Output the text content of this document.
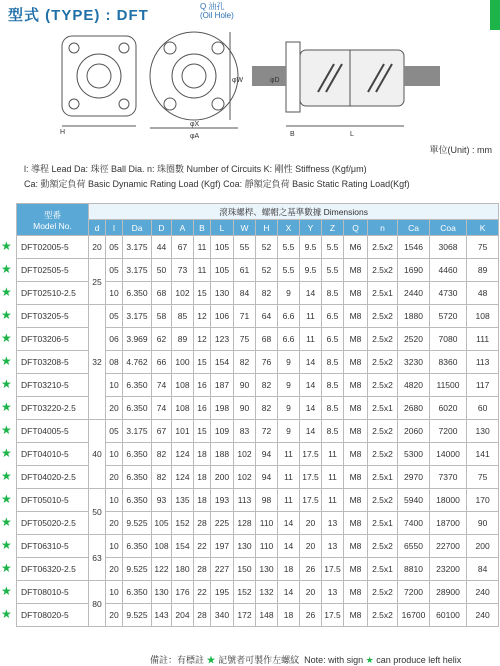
型式 (TYPE) : DFT
Q 油孔
(Oil Hole)
H
φX
φW
φA
φD
B	L
單位(Unit) : mm
l: 導程 Lead Da: 珠徑 Ball Dia. n: 珠圈數 Number of Circuits K: 剛性 Stiffness (Kgf/μm)
Ca: 動額定負荷 Basic Dynamic Rating Load (Kgf) Coa: 靜額定負荷 Basic Static Rating Load(Kgf)
型番
Model No.	滾珠螺桿、螺帽之基準數據 Dimensions																
	d	l	Da	D	A	B	L	W	H	X	Y	Z	Q	n	Ca	Coa	K

★ DFT02005-5	20	05	3.175	44	67	11	105	55	52	5.5	9.5	5.5	M6	2.5x2	1546	3068	75

★ DFT02505-5	25	05	3.175	50	73	11	105	61	52	5.5	9.5	5.5	M8	2.5x2	1690	4460	89

★ DFT02510-2.5		10	6.350	68	102	15	130	84	82	9	14	8.5	M8	2.5x1	2440	4730	48

★ DFT03205-5	32	05	3.175	58	85	12	106	71	64	6.6	11	6.5	M8	2.5x2	1880	5720	108

★ DFT03206-5		06	3.969	62	89	12	123	75	68	6.6	11	6.5	M8	2.5x2	2520	7080	111

★ DFT03208-5		08	4.762	66	100	15	154	82	76	9	14	8.5	M8	2.5x2	3230	8360	113

★ DFT03210-5		10	6.350	74	108	16	187	90	82	9	14	8.5	M8	2.5x2	4820	11500	117

★ DFT03220-2.5		20	6.350	74	108	16	198	90	82	9	14	8.5	M8	2.5x1	2680	6020	60

★ DFT04005-5	40	05	3.175	67	101	15	109	83	72	9	14	8.5	M8	2.5x2	2060	7200	130

★ DFT04010-5		10	6.350	82	124	18	188	102	94	11	17.5	11	M8	2.5x2	5300	14000	141

★ DFT04020-2.5		20	6.350	82	124	18	200	102	94	11	17.5	11	M8	2.5x1	2970	7370	75

★ DFT05010-5	50	10	6.350	93	135	18	193	113	98	11	17.5	11	M8	2.5x2	5940	18000	170

★ DFT05020-2.5		20	9.525	105	152	28	225	128	110	14	20	13	M8	2.5x1	7400	18700	90

★ DFT06310-5	63	10	6.350	108	154	22	197	130	110	14	20	13	M8	2.5x2	6550	22700	200

★ DFT06320-2.5		20	9.525	122	180	28	227	150	130	18	26	17.5	M8	2.5x1	8810	23200	84

★ DFT08010-5	80	10	6.350	130	176	22	195	152	132	14	20	13	M8	2.5x2	7200	28900	240

★ DFT08020-5		20	9.525	143	204	28	340	172	148	18	26	17.5	M8	2.5x2	16700	60100	240
備註：有標註 ★ 記號者可製作左螺紋 Note: with sign ★ can produce left helix
